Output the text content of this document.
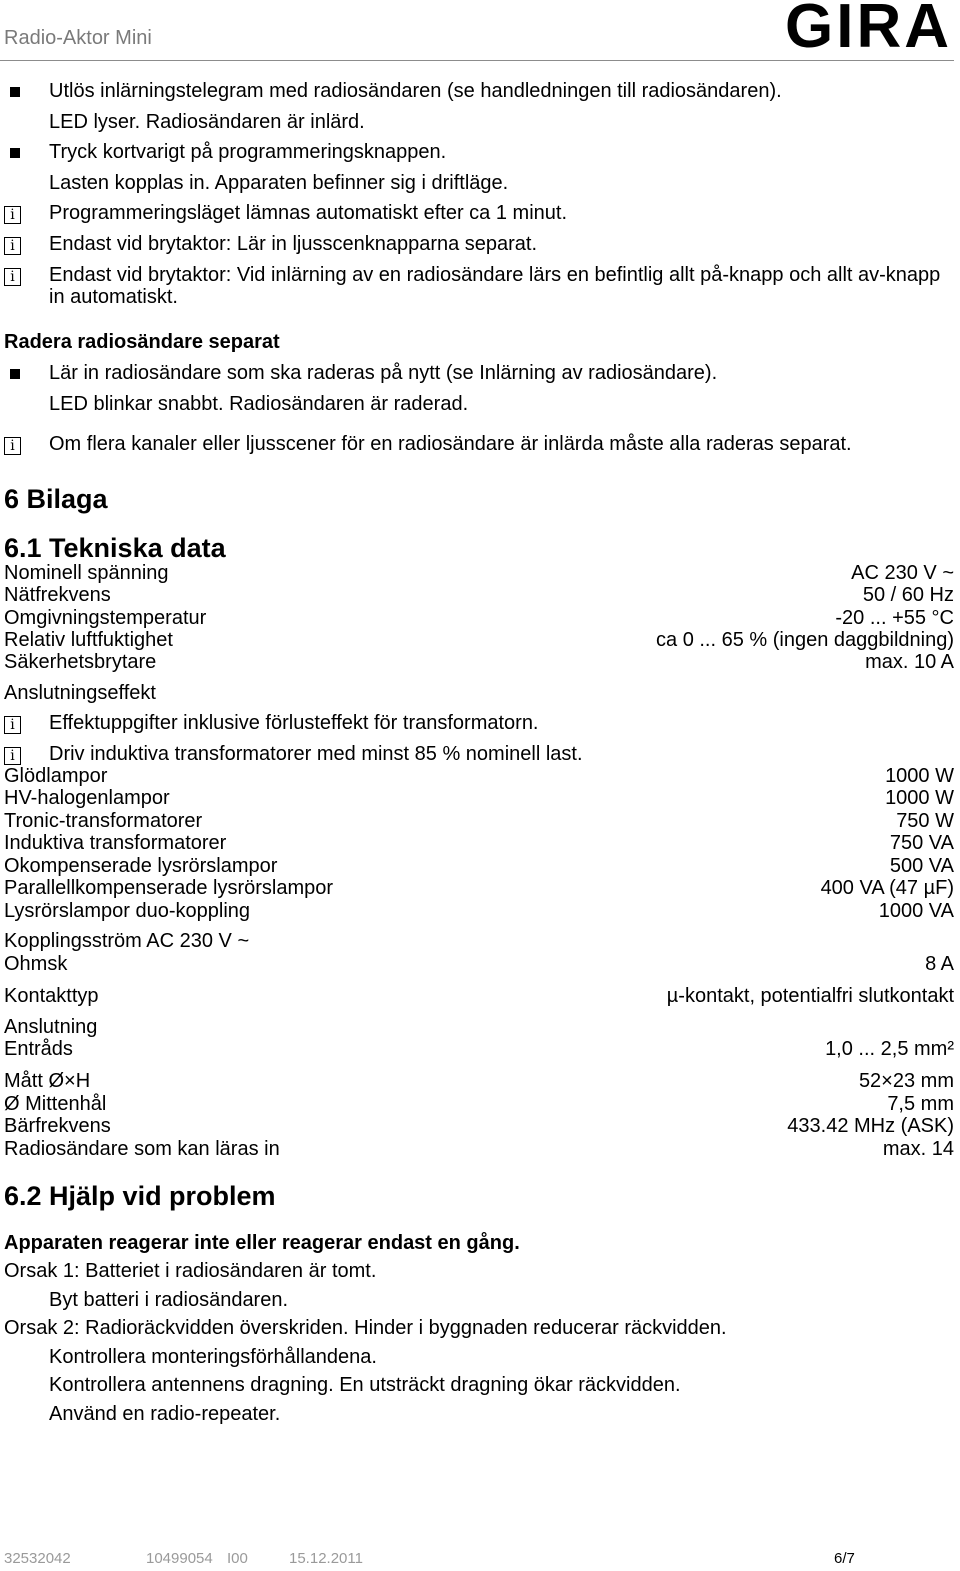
Radio-Aktor Mini	GIRA
Utlös inlärningstelegram med radiosändaren (se handledningen till radiosändaren).
LED lyser. Radiosändaren är inlärd.
Tryck kortvarigt på programmeringsknappen.
Lasten kopplas in. Apparaten befinner sig i driftläge.
i	Programmeringsläget lämnas automatiskt efter ca 1 minut.
i	Endast vid brytaktor: Lär in ljusscenknapparna separat.
i	Endast vid brytaktor: Vid inlärning av en radiosändare lärs en befintlig allt på-knapp och allt av-knapp in automatiskt.
Radera radiosändare separat
Lär in radiosändare som ska raderas på nytt (se Inlärning av radiosändare).
LED blinkar snabbt. Radiosändaren är raderad.
i	Om flera kanaler eller ljusscener för en radiosändare är inlärda måste alla raderas separat.
6 Bilaga
6.1 Tekniska data
Nominell spänning	AC 230 V ~
Nätfrekvens	50 / 60 Hz
Omgivningstemperatur	-20 ... +55 °C
Relativ luftfuktighet	ca 0 ... 65 % (ingen daggbildning)
Säkerhetsbrytare	max. 10 A
Anslutningseffekt
i	Effektuppgifter inklusive förlusteffekt för transformatorn.
i	Driv induktiva transformatorer med minst 85 % nominell last.
Glödlampor	1000 W
HV-halogenlampor	1000 W
Tronic-transformatorer	750 W
Induktiva transformatorer	750 VA
Okompenserade lysrörslampor	500 VA
Parallellkompenserade lysrörslampor	400 VA (47 µF)
Lysrörslampor duo-koppling	1000 VA
Kopplingsström AC 230 V ~
Ohmsk	8 A
Kontakttyp	µ-kontakt, potentialfri slutkontakt
Anslutning
Entråds	1,0 ... 2,5 mm²
Mått Ø×H	52×23 mm
Ø Mittenhål	7,5 mm
Bärfrekvens	433.42 MHz (ASK)
Radiosändare som kan läras in	max. 14
6.2 Hjälp vid problem
Apparaten reagerar inte eller reagerar endast en gång.
Orsak 1: Batteriet i radiosändaren är tomt.
Byt batteri i radiosändaren.
Orsak 2: Radioräckvidden överskriden. Hinder i byggnaden reducerar räckvidden.
Kontrollera monteringsförhållandena.
Kontrollera antennens dragning. En utsträckt dragning ökar räckvidden.
Använd en radio-repeater.
32532042	10499054 I00	15.12.2011	6/7
